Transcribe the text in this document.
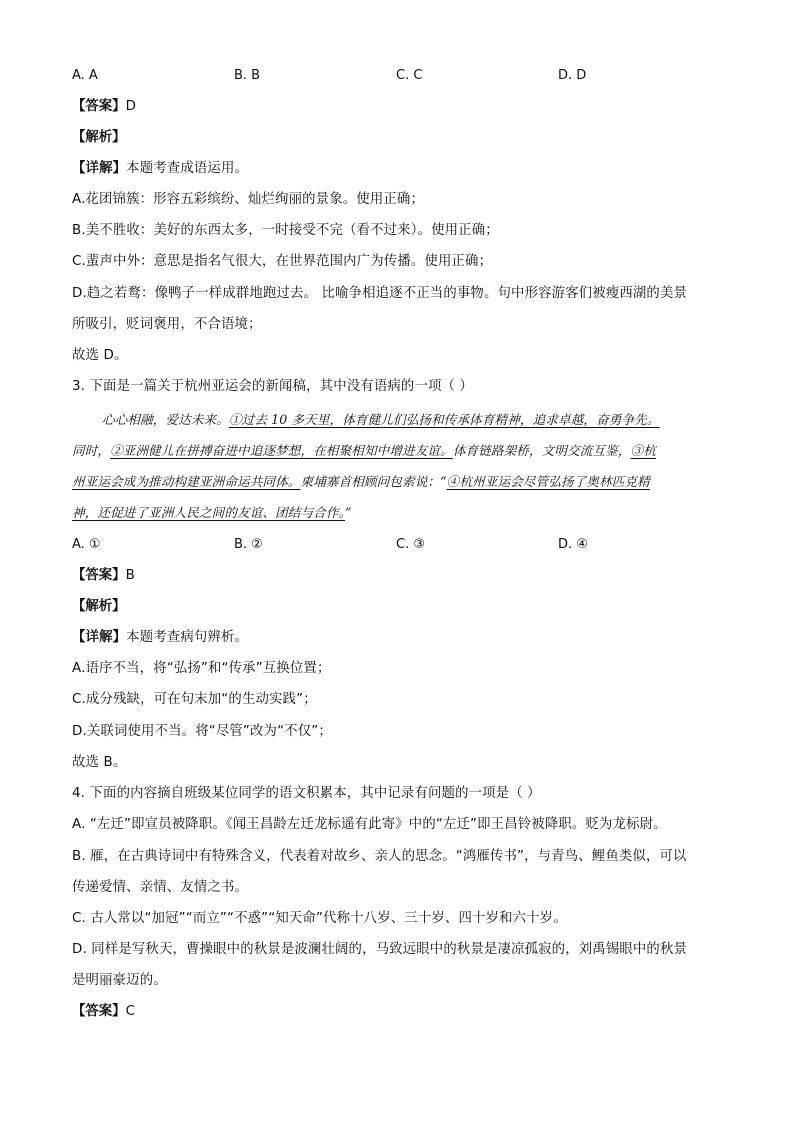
A. A	B. B	C. C	D. D
【答案】D
【解析】
【详解】本题考查成语运用。
A.花团锦簇：形容五彩缤纷、灿烂绚丽的景象。使用正确；
B.美不胜收：美好的东西太多，一时接受不完（看不过来）。使用正确；
C.蜚声中外：意思是指名气很大，在世界范围内广为传播。使用正确；
D.趋之若鹜：像鸭子一样成群地跑过去。 比喻争相追逐不正当的事物。句中形容游客们被瘦西湖的美景
所吸引，贬词褒用，不合语境；
故选 D。
3. 下面是一篇关于杭州亚运会的新闻稿，其中没有语病的一项（ ）
心心相融，爱达未来。①过去 10 多天里，体育健儿们弘扬和传承体育精神，追求卓越，奋勇争先。
同时，②亚洲健儿在拼搏奋进中追逐梦想，在相聚相知中增进友谊。体育链路架桥，文明交流互鉴，③杭
州亚运会成为推动构建亚洲命运共同体。柬埔寨首相顾问包索说：“④杭州亚运会尽管弘扬了奥林匹克精
神，还促进了亚洲人民之间的友谊、团结与合作。”
A. ①	B. ②	C. ③	D. ④
【答案】B
【解析】
【详解】本题考查病句辨析。
A.语序不当，将“弘扬”和“传承”互换位置；
C.成分残缺，可在句末加“的生动实践”；
D.关联词使用不当。将“尽管”改为“不仅”；
故选 B。
4. 下面的内容摘自班级某位同学的语文积累本，其中记录有问题的一项是（ ）
A. “左迁”即宣员被降职。《闻王昌龄左迁龙标遥有此寄》中的“左迁”即王昌铃被降职。贬为龙标尉。
B. 雁，在古典诗词中有特殊含义，代表着对故乡、亲人的思念。“鸿雁传书”，与青鸟、鲤鱼类似，可以
传递爱情、亲情、友情之书。
C. 古人常以“加冠”“而立”“不惑”“知天命”代称十八岁、三十岁、四十岁和六十岁。
D. 同样是写秋天，曹操眼中的秋景是波澜壮阔的，马致远眼中的秋景是凄凉孤寂的，刘禹锡眼中的秋景
是明丽豪迈的。
【答案】C
